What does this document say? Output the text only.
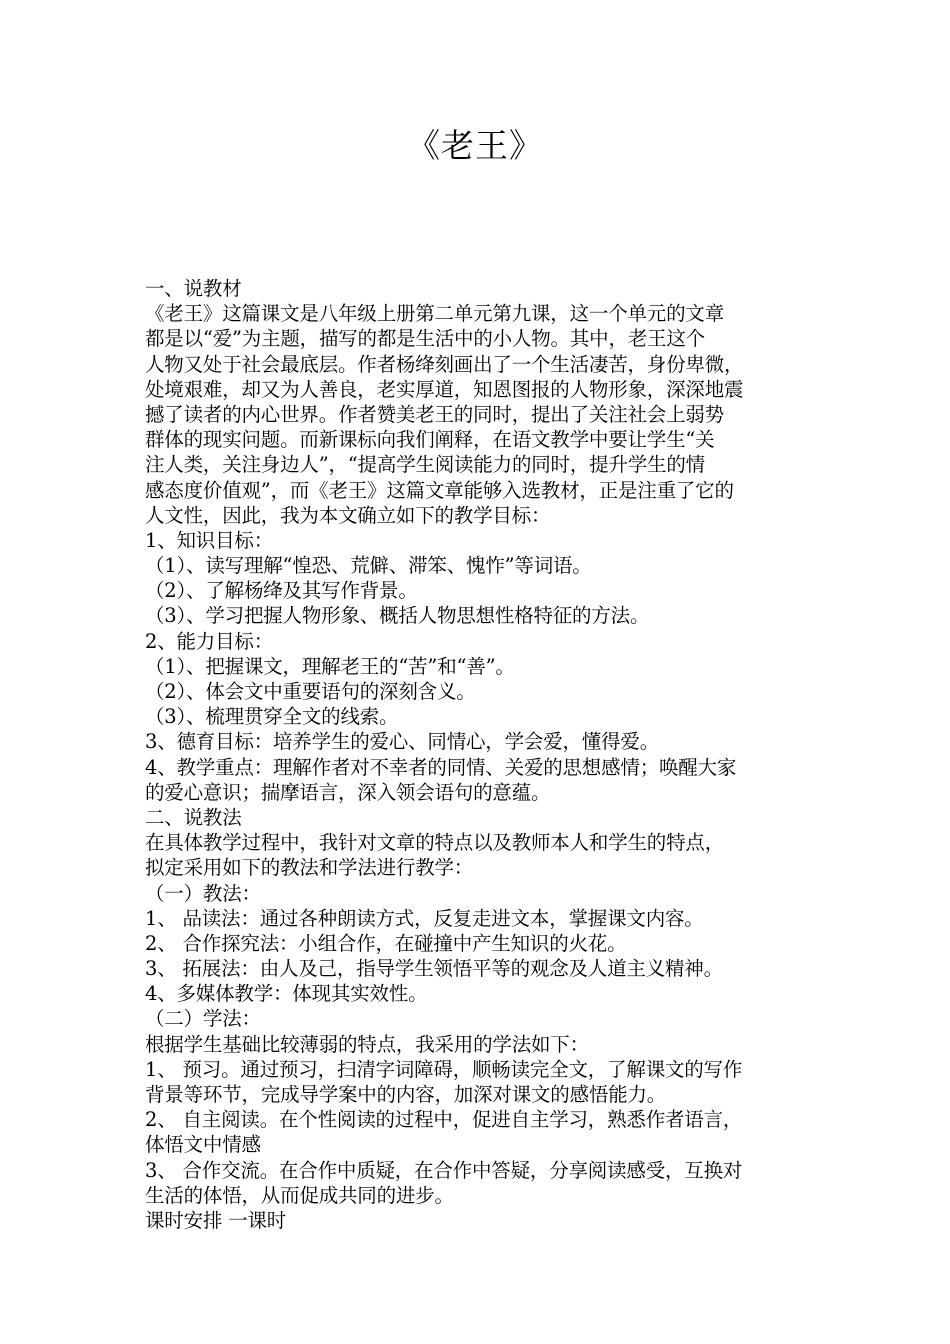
《老王》
一、说教材
《老王》这篇课文是八年级上册第二单元第九课，这一个单元的文章
都是以“爱”为主题，描写的都是生活中的小人物。其中，老王这个
人物又处于社会最底层。作者杨绛刻画出了一个生活凄苦，身份卑微，
处境艰难，却又为人善良，老实厚道，知恩图报的人物形象，深深地震
撼了读者的内心世界。作者赞美老王的同时，提出了关注社会上弱势
群体的现实问题。而新课标向我们阐释，在语文教学中要让学生“关
注人类，关注身边人”，“提高学生阅读能力的同时，提升学生的情
感态度价值观”，而《老王》这篇文章能够入选教材，正是注重了它的
人文性，因此，我为本文确立如下的教学目标：
1、知识目标：
（1）、读写理解“惶恐、荒僻、滞笨、愧怍”等词语。
（2）、了解杨绛及其写作背景。
（3）、学习把握人物形象、概括人物思想性格特征的方法。
2、能力目标：
（1）、把握课文，理解老王的“苦”和“善”。
（2）、体会文中重要语句的深刻含义。
（3）、梳理贯穿全文的线索。
3、德育目标：培养学生的爱心、同情心，学会爱，懂得爱。
4、教学重点：理解作者对不幸者的同情、关爱的思想感情；唤醒大家
的爱心意识；揣摩语言，深入领会语句的意蕴。
二、说教法
在具体教学过程中，我针对文章的特点以及教师本人和学生的特点，
拟定采用如下的教法和学法进行教学：
（一）教法：
1、 品读法：通过各种朗读方式，反复走进文本，掌握课文内容。
2、 合作探究法：小组合作，在碰撞中产生知识的火花。
3、 拓展法：由人及己，指导学生领悟平等的观念及人道主义精神。
4、多媒体教学：体现其实效性。
（二）学法：
根据学生基础比较薄弱的特点，我采用的学法如下：
1、 预习。通过预习，扫清字词障碍，顺畅读完全文，了解课文的写作
背景等环节，完成导学案中的内容，加深对课文的感悟能力。
2、 自主阅读。在个性阅读的过程中，促进自主学习，熟悉作者语言，
体悟文中情感
3、 合作交流。在合作中质疑，在合作中答疑，分享阅读感受，互换对
生活的体悟，从而促成共同的进步。
课时安排 一课时
